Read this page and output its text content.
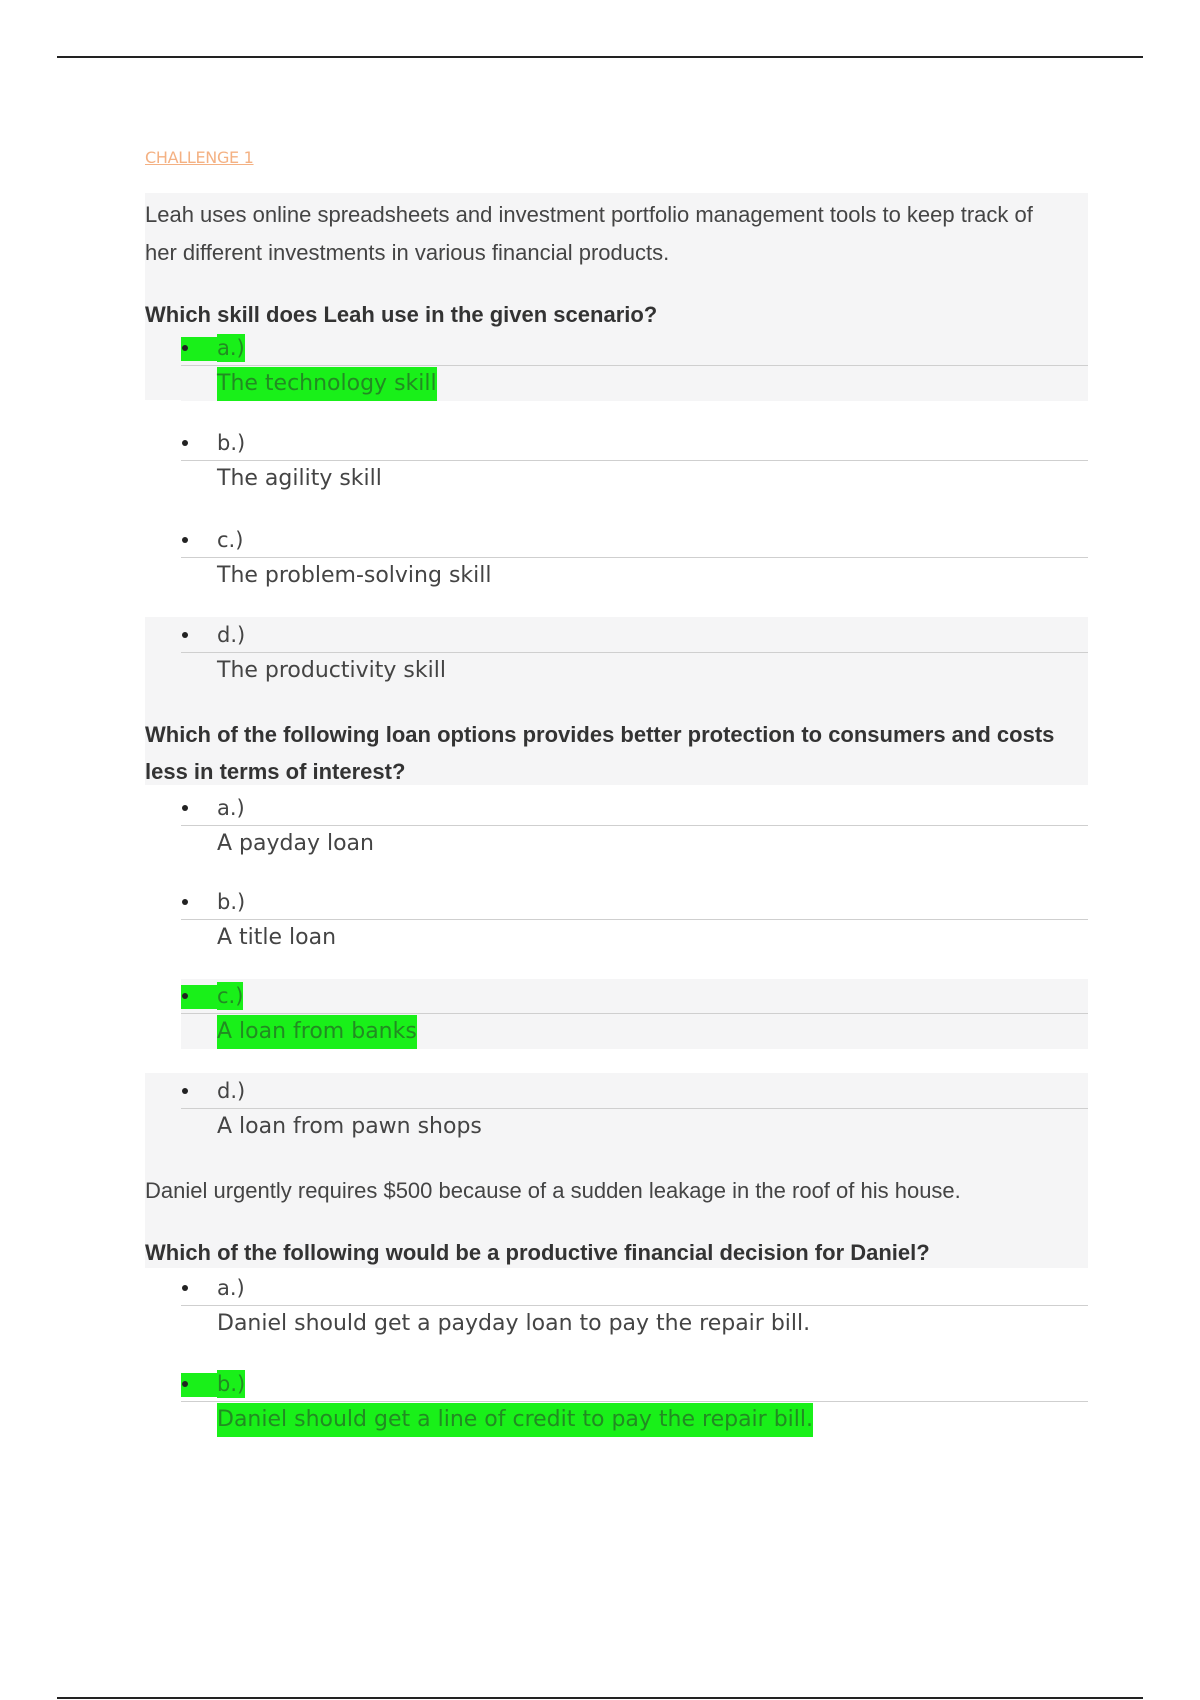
CHALLENGE 1
Leah uses online spreadsheets and investment portfolio management tools to keep track of her different investments in various financial products.
Which skill does Leah use in the given scenario?
a.)
The technology skill
b.)
The agility skill
c.)
The problem-solving skill
d.)
The productivity skill
Which of the following loan options provides better protection to consumers and costs less in terms of interest?
a.)
A payday loan
b.)
A title loan
c.)
A loan from banks
d.)
A loan from pawn shops
Daniel urgently requires $500 because of a sudden leakage in the roof of his house.
Which of the following would be a productive financial decision for Daniel?
a.)
Daniel should get a payday loan to pay the repair bill.
b.)
Daniel should get a line of credit to pay the repair bill.
